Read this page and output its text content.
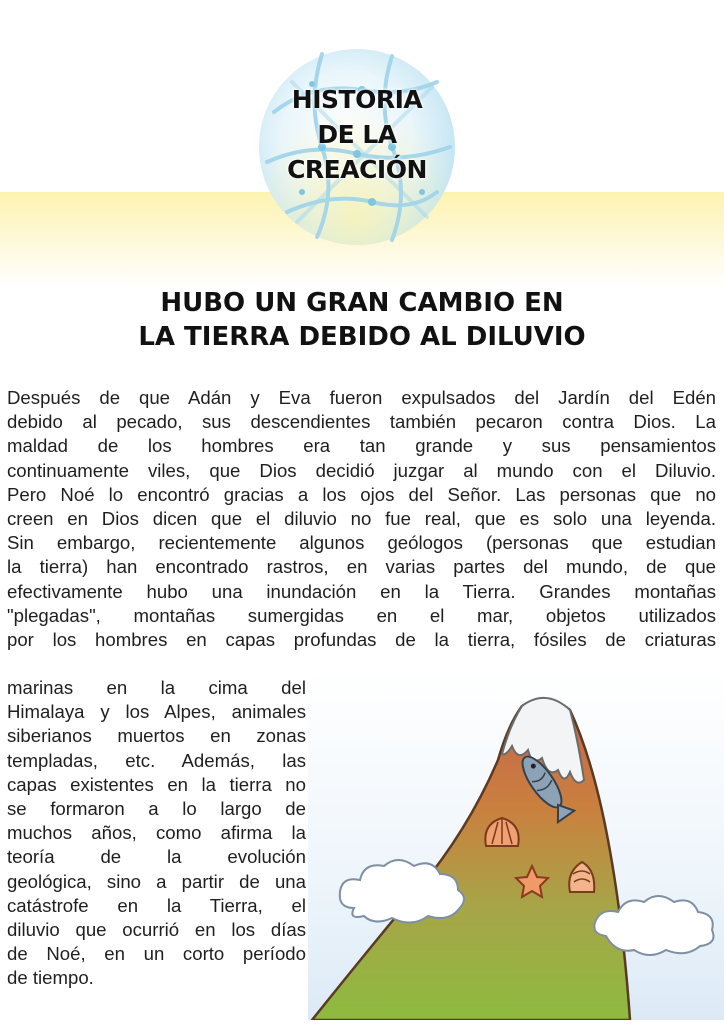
HISTORIA
DE LA
CREACIÓN
HUBO UN GRAN CAMBIO EN
LA TIERRA DEBIDO AL DILUVIO
Después de que Adán y Eva fueron expulsados del Jardín del Edén
debido al pecado, sus descendientes también pecaron contra Dios. La
maldad de los hombres era tan grande y sus pensamientos
continuamente viles, que Dios decidió juzgar al mundo con el Diluvio.
Pero Noé lo encontró gracias a los ojos del Señor. Las personas que no
creen en Dios dicen que el diluvio no fue real, que es solo una leyenda.
Sin embargo, recientemente algunos geólogos (personas que estudian
la tierra) han encontrado rastros, en varias partes del mundo, de que
efectivamente hubo una inundación en la Tierra. Grandes montañas
"plegadas", montañas sumergidas en el mar, objetos utilizados
por los hombres en capas profundas de la tierra, fósiles de criaturas
marinas en la cima del
Himalaya y los Alpes, animales
siberianos muertos en zonas
templadas, etc. Además, las
capas existentes en la tierra no
se formaron a lo largo de
muchos años, como afirma la
teoría de la evolución
geológica, sino a partir de una
catástrofe en la Tierra, el
diluvio que ocurrió en los días
de Noé, en un corto período
de tiempo.
